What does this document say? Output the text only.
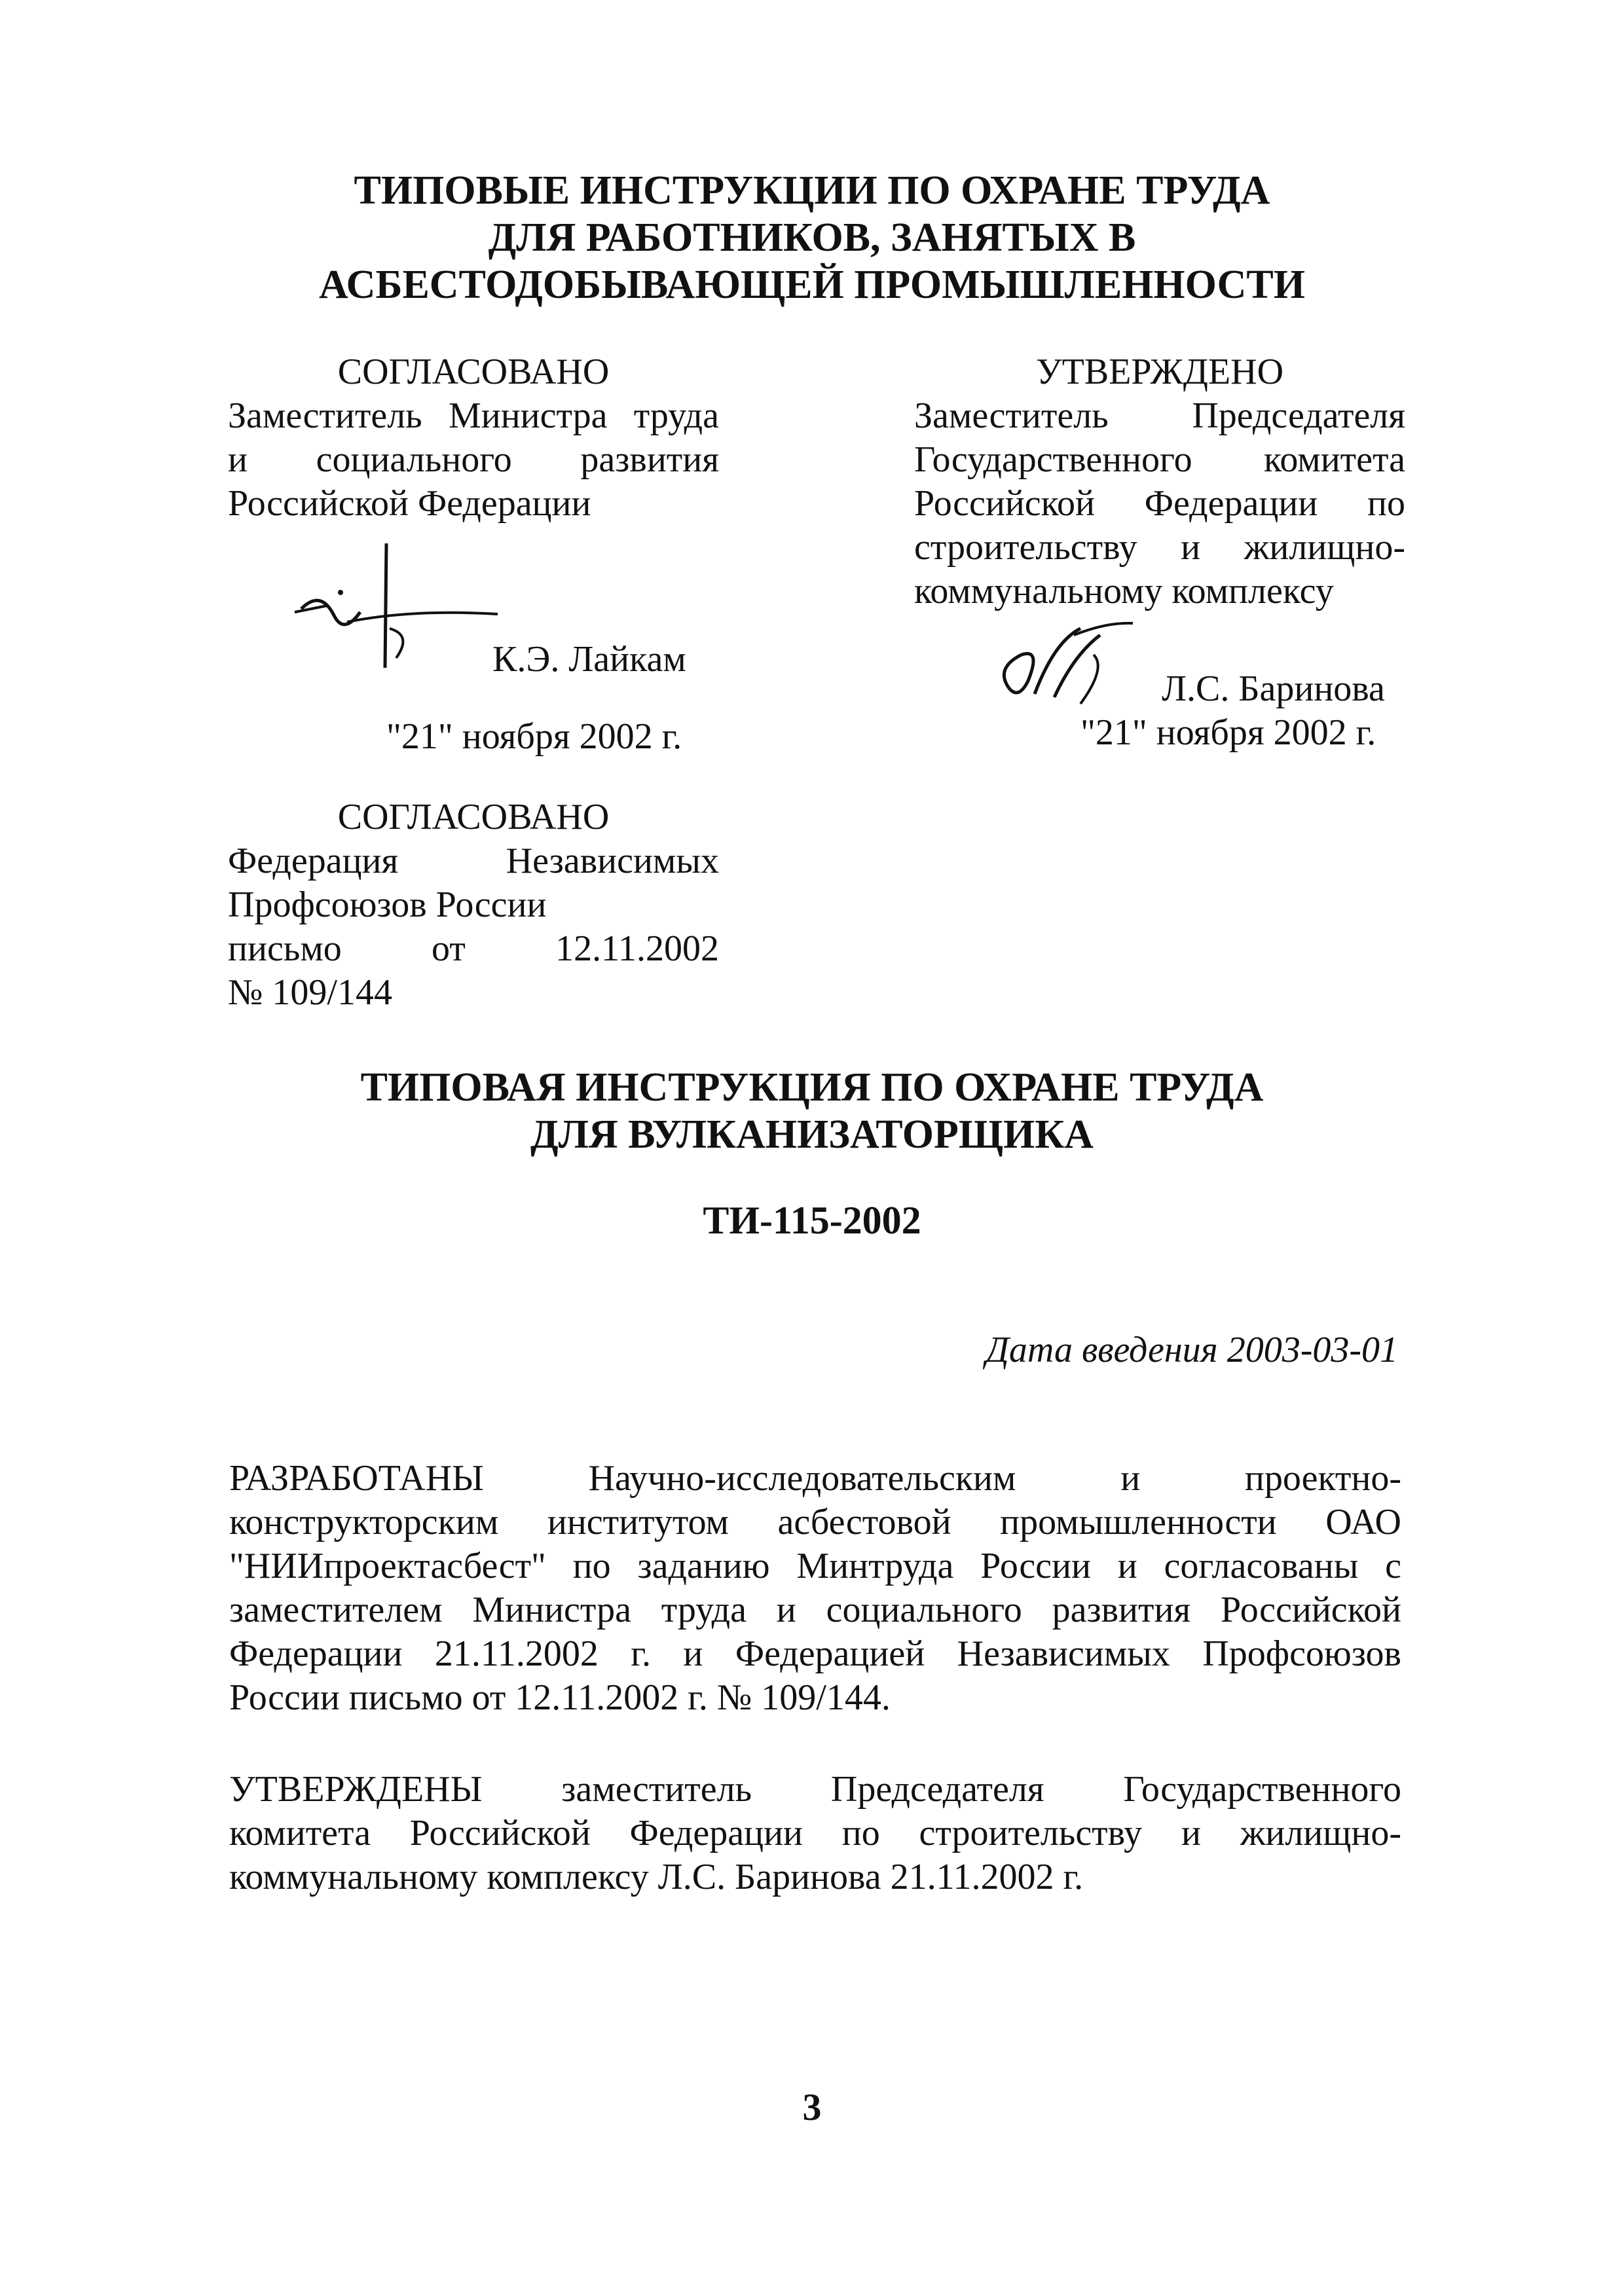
ТИПОВЫЕ ИНСТРУКЦИИ ПО ОХРАНЕ ТРУДА
ДЛЯ РАБОТНИКОВ, ЗАНЯТЫХ В
АСБЕСТОДОБЫВАЮЩЕЙ ПРОМЫШЛЕННОСТИ
СОГЛАСОВАНО
Заместитель Министра труда
и социального развития
Российской Федерации
К.Э. Лайкам
"21" ноября 2002 г.
УТВЕРЖДЕНО
Заместитель Председателя
Государственного комитета
Российской Федерации по
строительству и жилищно-
коммунальному комплексу
Л.С. Баринова
"21" ноября 2002 г.
СОГЛАСОВАНО
Федерация Независимых
Профсоюзов России
письмо от 12.11.2002
№ 109/144
ТИПОВАЯ ИНСТРУКЦИЯ ПО ОХРАНЕ ТРУДА
ДЛЯ ВУЛКАНИЗАТОРЩИКА
ТИ-115-2002
Дата введения 2003-03-01
РАЗРАБОТАНЫ Научно-исследовательским и проектно-
конструкторским институтом асбестовой промышленности ОАО
"НИИпроектасбест" по заданию Минтруда России и согласованы с
заместителем Министра труда и социального развития Российской
Федерации 21.11.2002 г. и Федерацией Независимых Профсоюзов
России письмо от 12.11.2002 г. № 109/144.
УТВЕРЖДЕНЫ заместитель Председателя Государственного
комитета Российской Федерации по строительству и жилищно-
коммунальному комплексу Л.С. Баринова 21.11.2002 г.
3
